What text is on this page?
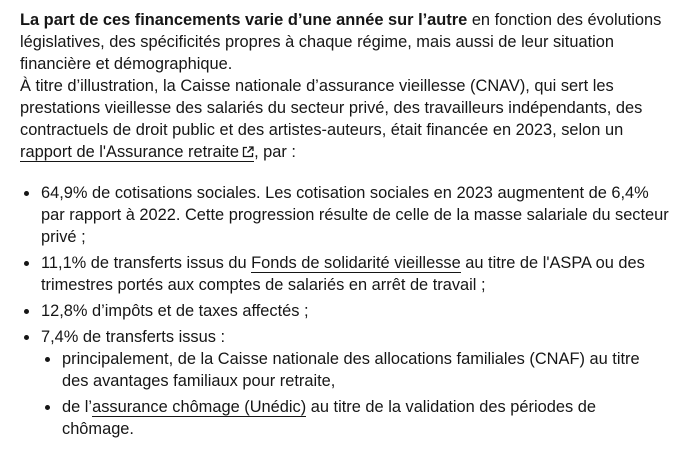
La part de ces financements varie d’une année sur l’autre en fonction des évolutions législatives, des spécificités propres à chaque régime, mais aussi de leur situation financière et démographique.
À titre d’illustration, la Caisse nationale d’assurance vieillesse (CNAV), qui sert les prestations vieillesse des salariés du secteur privé, des travailleurs indépendants, des contractuels de droit public et des artistes-auteurs, était financée en 2023, selon un rapport de l'Assurance retraite , par :

64,9% de cotisations sociales. Les cotisation sociales en 2023 augmentent de 6,4% par rapport à 2022. Cette progression résulte de celle de la masse salariale du secteur privé ;
11,1% de transferts issus du Fonds de solidarité vieillesse au titre de l'ASPA ou des trimestres portés aux comptes de salariés en arrêt de travail ;
12,8% d’impôts et de taxes affectés ;
7,4% de transferts issus :
principalement, de la Caisse nationale des allocations familiales (CNAF) au titre des avantages familiaux pour retraite,
de l’assurance chômage (Unédic) au titre de la validation des périodes de chômage.
